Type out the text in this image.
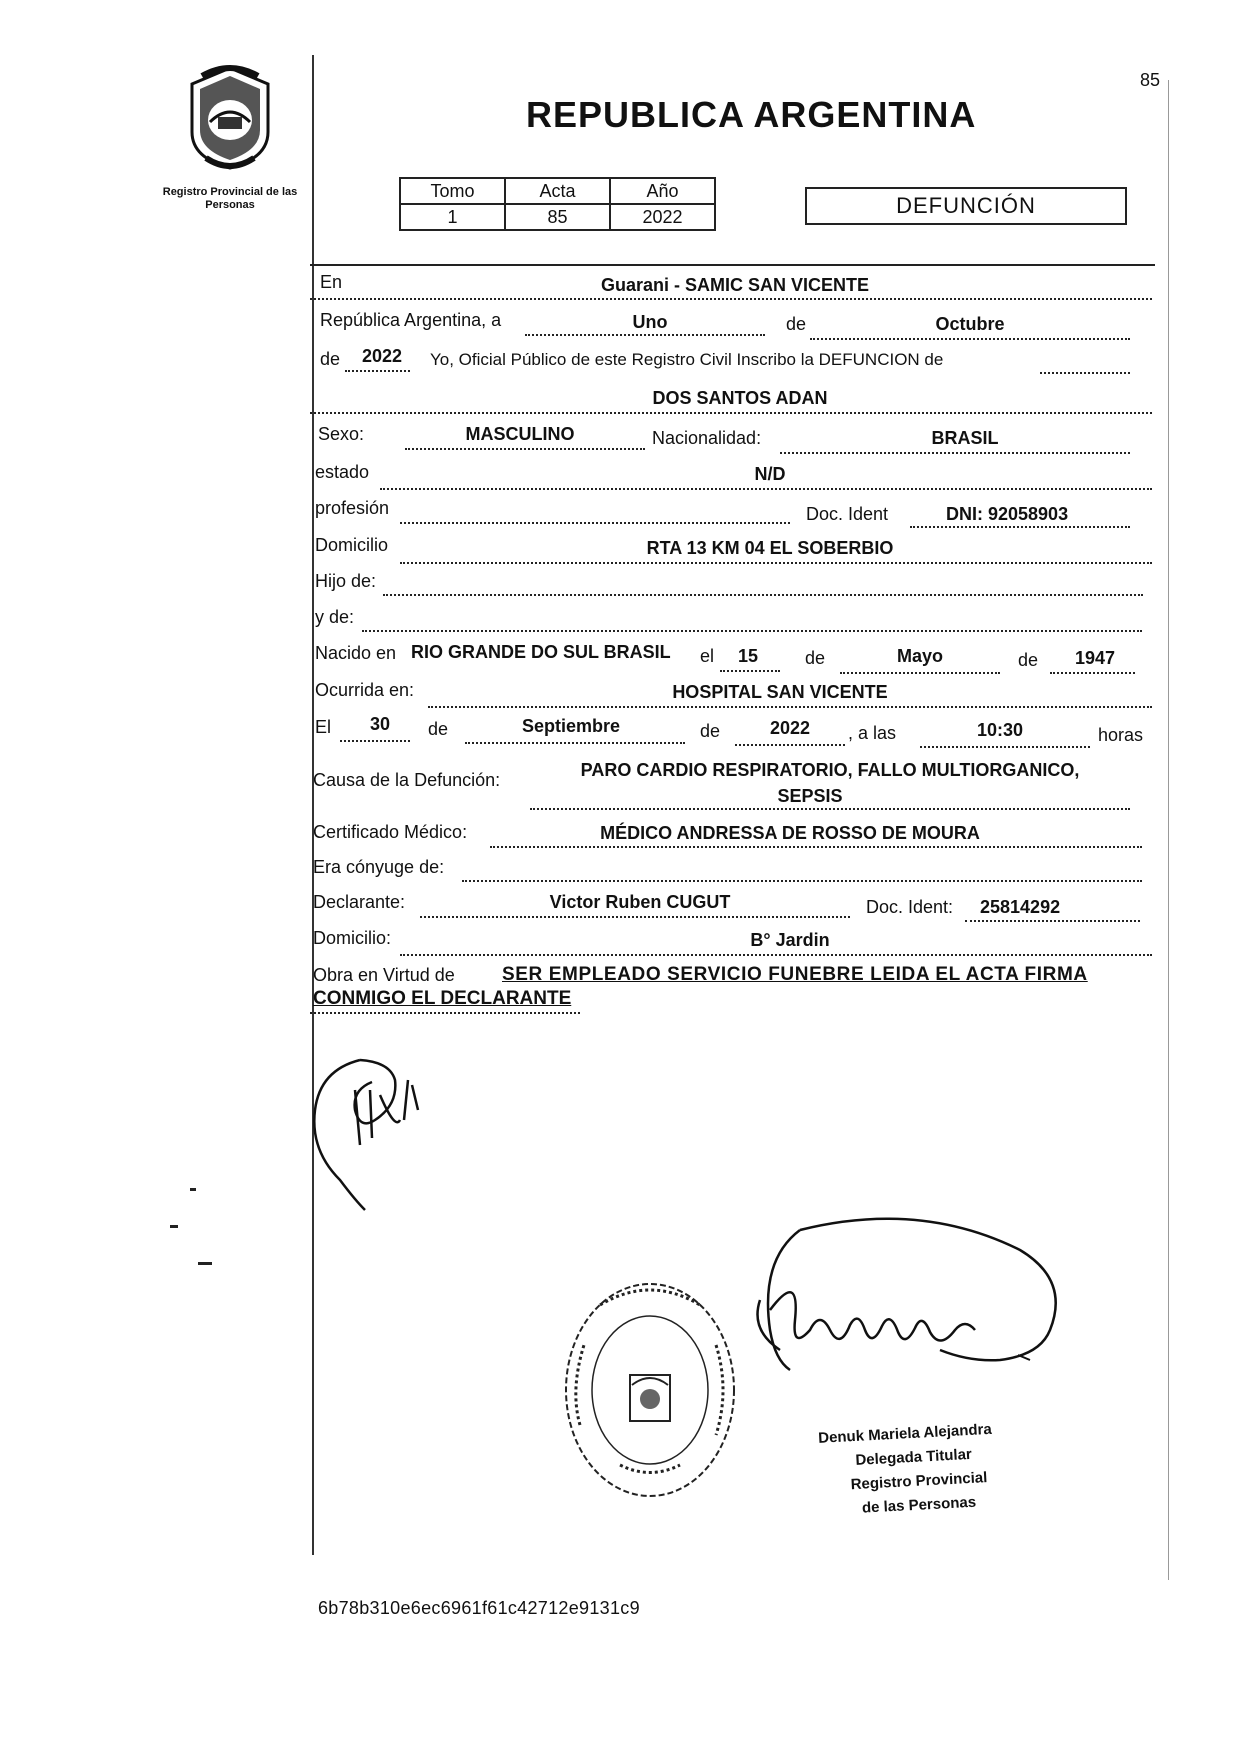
85
Registro Provincial de las Personas
REPUBLICA ARGENTINA
Tomo	Acta	Año
1	85	2022	DEFUNCIÓN
En	Guarani - SAMIC SAN VICENTE
República Argentina, a	Uno	de	Octubre
de 2022 Yo, Oficial Público de este Registro Civil Inscribo la DEFUNCION de
DOS SANTOS ADAN
Sexo:	MASCULINO	Nacionalidad:	BRASIL
estado	N/D
profesión	Doc. Ident	DNI: 92058903
Domicilio	RTA 13 KM 04 EL SOBERBIO
Hijo de:
y de:
Nacido en RIO GRANDE DO SUL BRASIL el	15	de	Mayo	de	1947
Ocurrida en:	HOSPITAL SAN VICENTE
El	30	de	Septiembre	de	2022	, a las	10:30	horas
Causa de la Defunción:	PARO CARDIO RESPIRATORIO, FALLO MULTIORGANICO,
SEPSIS
Certificado Médico:	MÉDICO ANDRESSA DE ROSSO DE MOURA
Era cónyuge de:
Declarante:	Victor Ruben CUGUT	Doc. Ident: 25814292
Domicilio:	B° Jardin
Obra en Virtud de SER EMPLEADO SERVICIO FUNEBRE LEIDA EL ACTA FIRMA
CONMIGO EL DECLARANTE
Denuk Mariela Alejandra
Delegada Titular
Registro Provincial
de las Personas
6b78b310e6ec6961f61c42712e9131c9
